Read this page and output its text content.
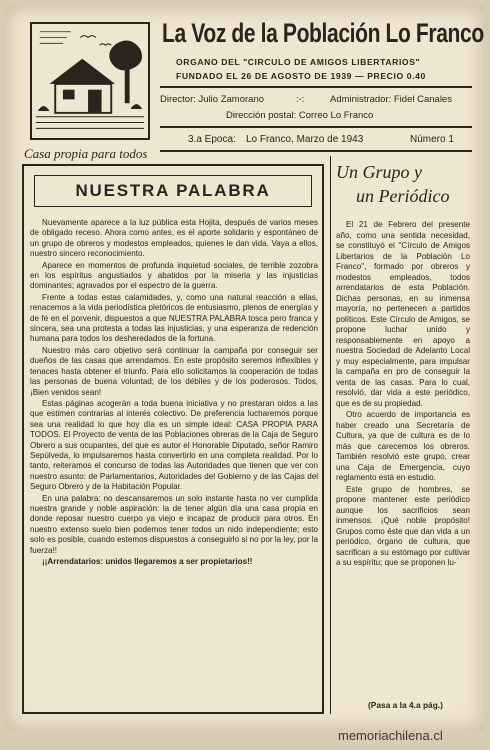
La Voz de la Población Lo Franco
ORGANO DEL "CIRCULO DE AMIGOS LIBERTARIOS"
FUNDADO EL 26 DE AGOSTO DE 1939 — PRECIO 0.40
Director: Julio Zamorano	:-:	Administrador: Fidel Canales
Dirección postal: Correo Lo Franco
Casa propia para todos
3.a Epoca: Lo Franco, Marzo de 1943	Número 1
NUESTRA PALABRA

Nuevamente aparece a la luz pública esta Hojita, después de varios meses de obligado receso. Ahora como antes, es el aporte solidario y espontáneo de un grupo de obreros y modestos empleados, quienes le dan vida. Vaya a ellos, nuestro sincero reconocimiento.

Aparece en momentos de profunda inquietud sociales, de terrible zozobra en los espíritus angustiados y abatidos por la miseria y las injusticias dominantes; agravados por el espectro de la guerra.

Frente a todas estas calamidades, y, como una natural reacción a ellas, renacemos a la vida periodística pletóricos de entusiasmo, plenos de energías y de fé en el porvenir, dispuestos a que NUESTRA PALABRA tosca pero franca y sincera, sea una protesta a todas las injusticias, y una esperanza de redención humana para todos los desheredados de la fortuna.

Nuestro más caro objetivo será continuar la campaña por conseguir ser dueños de las casas que arrendamos. En este propósito seremos inflexibles y tenaces hasta obtener el triunfo. Para ello solicitamos la cooperación de todas las personas de buena voluntad; de los débiles y de los poderosos. Todos, ¡Bien venidos sean!

Estas páginas acogerán a toda buena iniciativa y no prestaran oidos a las que estimen contrarias al interés colectivo. De preferencia lucharemos porque sea una realidad lo que hoy día es un simple ideal: CASA PROPIA PARA TODOS. El Proyecto de venta de las Poblaciones obreras de la Caja de Seguro Obrero a sus ocupantes, del que es autor el Honorable Diputado, señor Ramiro Sepúlveda, lo impulsaremos hasta convertirlo en una completa realidad. Por lo tanto, reiteramos el concurso de todas las Autoridades que tienen que ver con nuestro asunto: de Parlamentarios, Autoridades del Gobierno y de las Cajas del Seguro Obrero y de la Habitación Popular.

En una palabra: no descansaremos un solo instante hasta no ver cumplida nuestra grande y noble aspiración: la de tener algún día una casa propia en donde reposar nuestro cuerpo ya viejo e incapaz de producir para otros. En nuestro extenso suelo bien podemos tener todos un nido independiente; esto solo es posible, cuando estemos dispuestos a conseguirlo si no por la ley, por la fuerza!!

¡¡Arrendatarios: unidos llegaremos a ser propietarios!!

Un Grupo y
un Periódico

El 21 de Febrero del presente año, como una sentida necesidad, se constituyó el "Círculo de Amigos Libertarios de la Población Lo Franco", formado por obreros y modestos empleados, todos arrendatarios de esta Población. Dichas personas, en su inmensa mayoría, no pertenecen a partidos políticos. Este Círculo de Amigos, se propone luchar unido y responsablemente en apoyo a nuestra Sociedad de Adelanto Local y muy especialmente, para impulsar la campaña en pro de conseguir la venta de las casas. Para lo cual, resolvió, dar vida a este periódico, que es de su propiedad.

Otro acuerdo de importancia es haber creado una Secretaría de Cultura, ya que de cultura es de lo más que carecemos los obreros. También resolvió este grupo, crear una Caja de Emergencia, cuyo reglamento está en estudio.

Este grupo de hombres, se propone mantener este periódico aunque los sacrificios sean inmensos. ¡Qué noble propósito! Grupos como éste que dan vida a un periódico, órgano de cultura, que sacrifican a su estómago por cultivar a su espíritu; que se proponen lu-

(Pasa a la 4.a pág.)
memoriachilena.cl
